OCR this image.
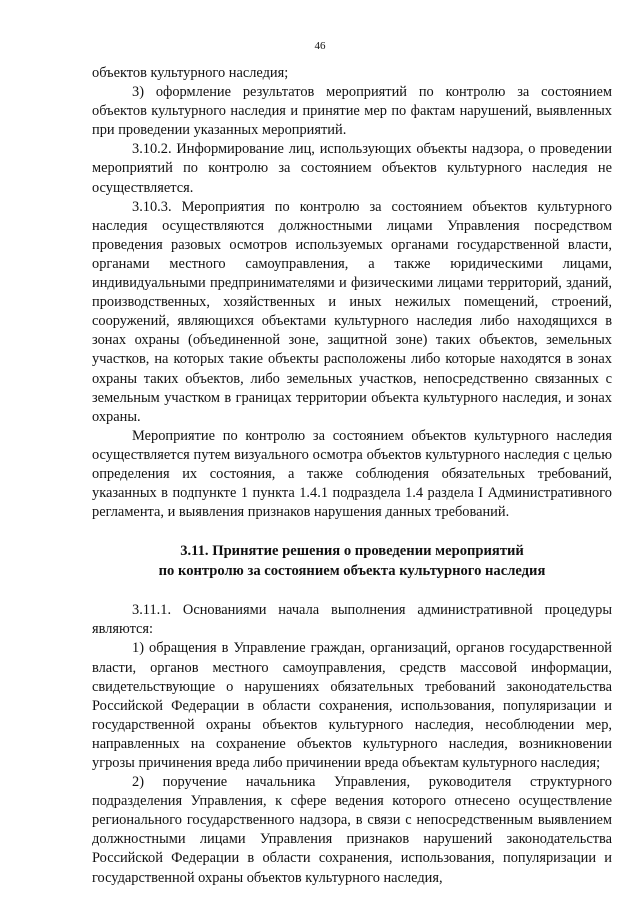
46

объектов культурного наследия;

3) оформление результатов мероприятий по контролю за состоянием объектов культурного наследия и принятие мер по фактам нарушений, выявленных при проведении указанных мероприятий.

3.10.2. Информирование лиц, использующих объекты надзора, о проведении мероприятий по контролю за состоянием объектов культурного наследия не осуществляется.

3.10.3. Мероприятия по контролю за состоянием объектов культурного наследия осуществляются должностными лицами Управления посредством проведения разовых осмотров используемых органами государственной власти, органами местного самоуправления, а также юридическими лицами, индивидуальными предпринимателями и физическими лицами территорий, зданий, производственных, хозяйственных и иных нежилых помещений, строений, сооружений, являющихся объектами культурного наследия либо находящихся в зонах охраны (объединенной зоне, защитной зоне) таких объектов, земельных участков, на которых такие объекты расположены либо которые находятся в зонах охраны таких объектов, либо земельных участков, непосредственно связанных с земельным участком в границах территории объекта культурного наследия, и зонах охраны.

Мероприятие по контролю за состоянием объектов культурного наследия осуществляется путем визуального осмотра объектов культурного наследия с целью определения их состояния, а также соблюдения обязательных требований, указанных в подпункте 1 пункта 1.4.1 подраздела 1.4 раздела I Административного регламента, и выявления признаков нарушения данных требований.

3.11. Принятие решения о проведении мероприятий
по контролю за состоянием объекта культурного наследия

3.11.1. Основаниями начала выполнения административной процедуры являются:

1) обращения в Управление граждан, организаций, органов государственной власти, органов местного самоуправления, средств массовой информации, свидетельствующие о нарушениях обязательных требований законодательства Российской Федерации в области сохранения, использования, популяризации и государственной охраны объектов культурного наследия, несоблюдении мер, направленных на сохранение объектов культурного наследия, возникновении угрозы причинения вреда либо причинении вреда объектам культурного наследия;

2) поручение начальника Управления, руководителя структурного подразделения Управления, к сфере ведения которого отнесено осуществление регионального государственного надзора, в связи с непосредственным выявлением должностными лицами Управления признаков нарушений законодательства Российской Федерации в области сохранения, использования, популяризации и государственной охраны объектов культурного наследия,
